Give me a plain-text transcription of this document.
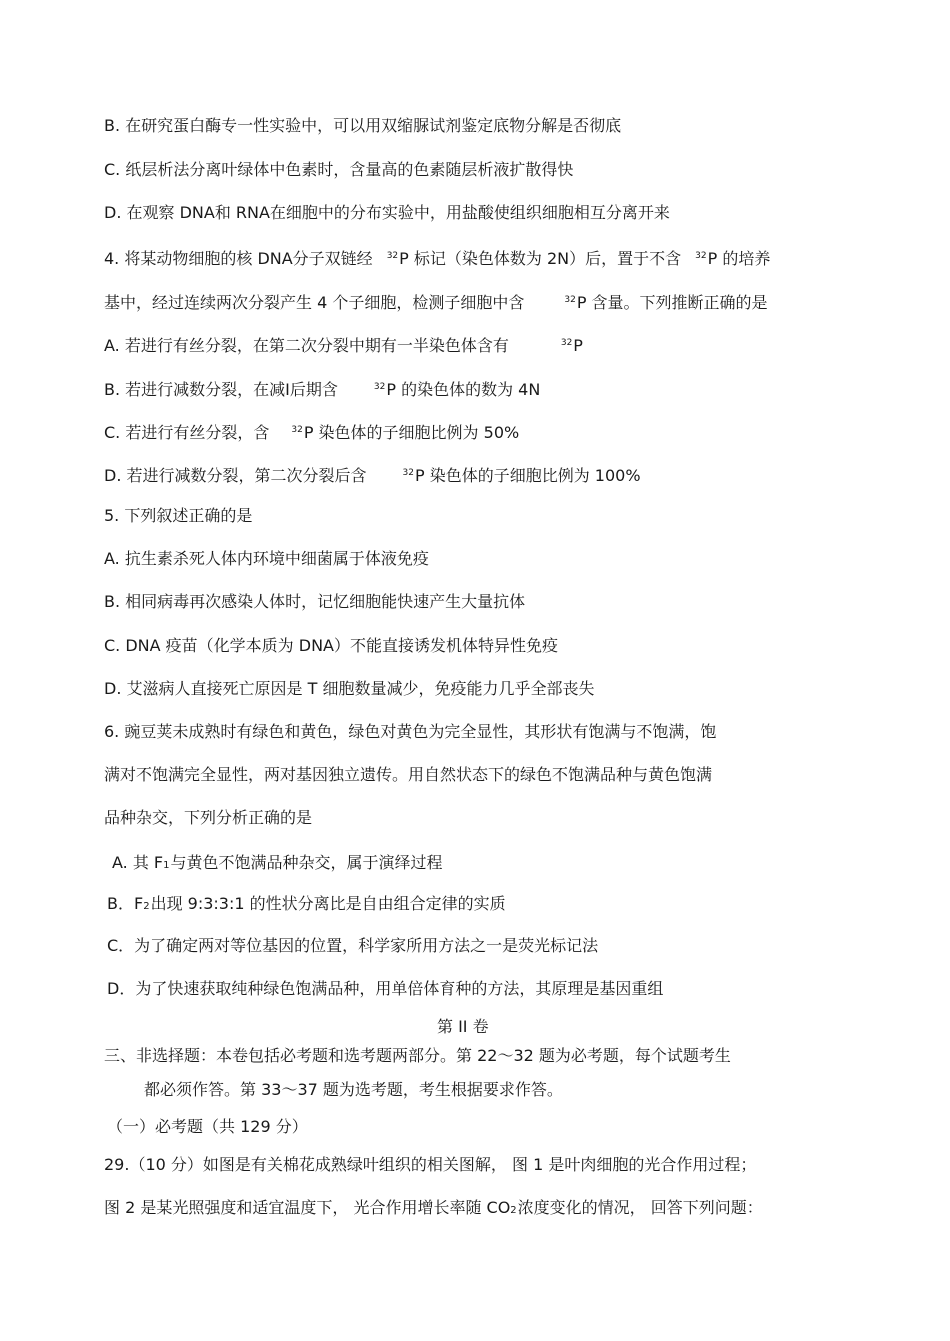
B. 在研究蛋白酶专一性实验中，可以用双缩脲试剂鉴定底物分解是否彻底
C. 纸层析法分离叶绿体中色素时，含量高的色素随层析液扩散得快
D. 在观察 DNA和 RNA在细胞中的分布实验中，用盐酸使组织细胞相互分离开来
4. 将某动物细胞的核 DNA分子双链经 $^{32}$P 标记（染色体数为 2N）后，置于不含 $^{32}$P 的培养
基中，经过连续两次分裂产生 4 个子细胞，检测子细胞中含	$^{32}$P 含量。下列推断正确的是
A. 若进行有丝分裂，在第二次分裂中期有一半染色体含有	$^{32}$P
B. 若进行减数分裂，在减Ⅰ后期含	$^{32}$P 的染色体的数为 4N
C. 若进行有丝分裂，含 $^{32}$P 染色体的子细胞比例为 50%
D. 若进行减数分裂，第二次分裂后含	$^{32}$P 染色体的子细胞比例为 100%
5. 下列叙述正确的是
A. 抗生素杀死人体内环境中细菌属于体液免疫
B. 相同病毒再次感染人体时，记忆细胞能快速产生大量抗体
C. DNA 疫苗（化学本质为 DNA）不能直接诱发机体特异性免疫
D. 艾滋病人直接死亡原因是 T 细胞数量减少，免疫能力几乎全部丧失
6. 豌豆荚未成熟时有绿色和黄色，绿色对黄色为完全显性，其形状有饱满与不饱满，饱
满对不饱满完全显性，两对基因独立遗传。用自然状态下的绿色不饱满品种与黄色饱满
品种杂交，下列分析正确的是
A. 其 F1与黄色不饱满品种杂交，属于演绎过程
B．F2出现 9:3:3:1 的性状分离比是自由组合定律的实质
C．为了确定两对等位基因的位置，科学家所用方法之一是荧光标记法
D．为了快速获取纯种绿色饱满品种，用单倍体育种的方法，其原理是基因重组
第 II 卷
三、非选择题：本卷包括必考题和选考题两部分。第 22～32 题为必考题，每个试题考生
都必须作答。第 33～37 题为选考题，考生根据要求作答。
（一）必考题（共 129 分）
29.（10 分）如图是有关棉花成熟绿叶组织的相关图解， 图 1 是叶肉细胞的光合作用过程；
图 2 是某光照强度和适宜温度下， 光合作用增长率随 CO2浓度变化的情况， 回答下列问题：
